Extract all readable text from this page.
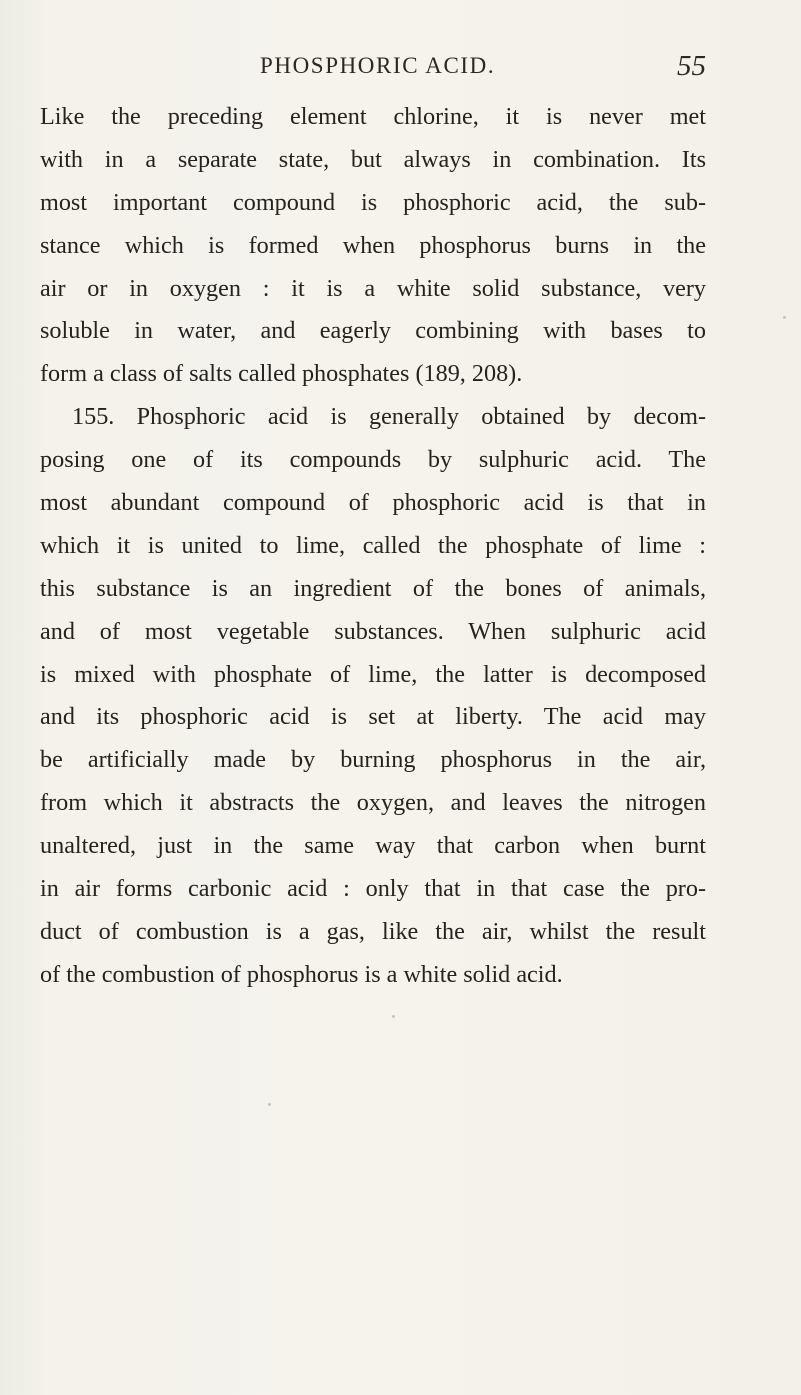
PHOSPHORIC ACID.	55
Like the preceding element chlorine, it is never met
with in a separate state, but always in combination. Its
most important compound is phosphoric acid, the sub-
stance which is formed when phosphorus burns in the
air or in oxygen : it is a white solid substance, very
soluble in water, and eagerly combining with bases to
form a class of salts called phosphates (189, 208).
155. Phosphoric acid is generally obtained by decom-
posing one of its compounds by sulphuric acid. The
most abundant compound of phosphoric acid is that in
which it is united to lime, called the phosphate of lime :
this substance is an ingredient of the bones of animals,
and of most vegetable substances. When sulphuric acid
is mixed with phosphate of lime, the latter is decomposed
and its phosphoric acid is set at liberty. The acid may
be artificially made by burning phosphorus in the air,
from which it abstracts the oxygen, and leaves the nitrogen
unaltered, just in the same way that carbon when burnt
in air forms carbonic acid : only that in that case the pro-
duct of combustion is a gas, like the air, whilst the result
of the combustion of phosphorus is a white solid acid.
